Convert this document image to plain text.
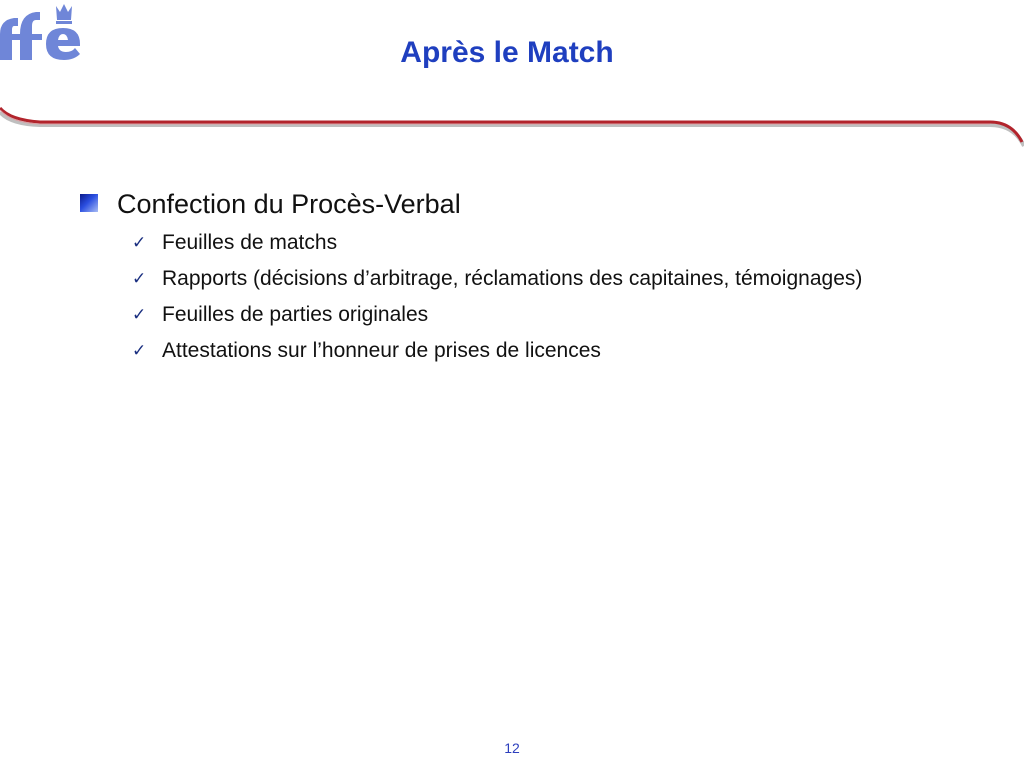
Après le Match
Confection du Procès-Verbal
✓ Feuilles de matchs
✓ Rapports (décisions d’arbitrage, réclamations des capitaines, témoignages)
✓ Feuilles de parties originales
✓ Attestations sur l’honneur de prises de licences
12
